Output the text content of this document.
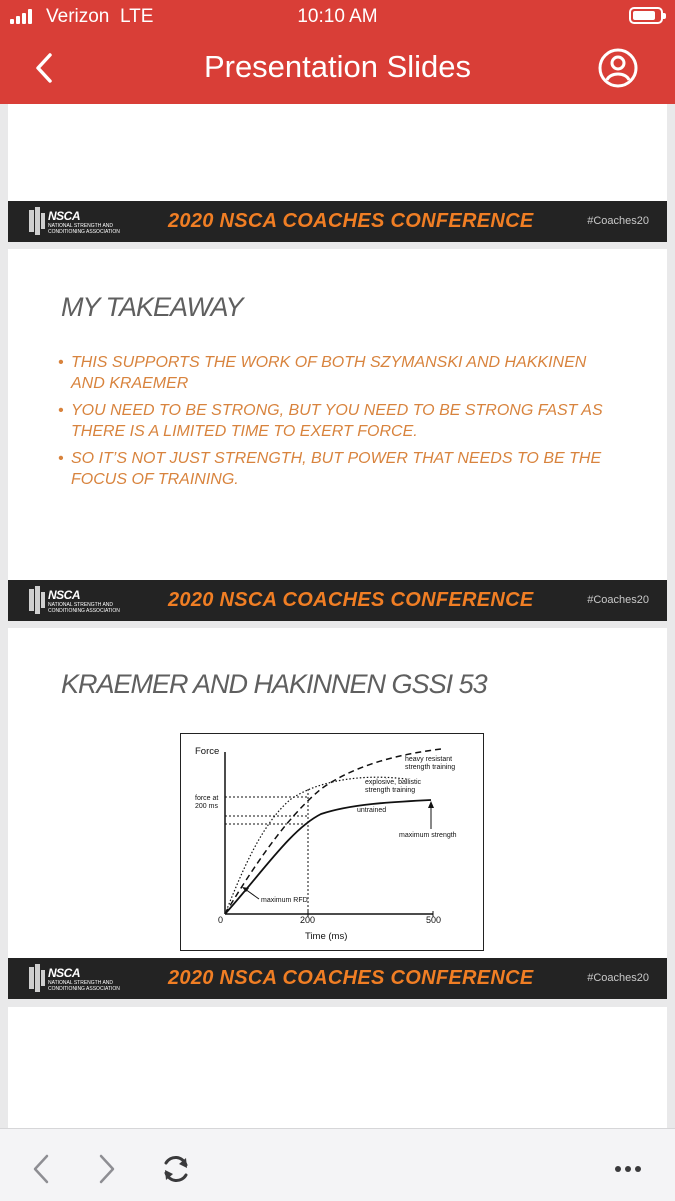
Verizon LTE	10:10 AM
Presentation Slides
NSCA
NATIONAL STRENGTH AND
CONDITIONING ASSOCIATION 2020 NSCA COACHES CONFERENCE	#Coaches20
MY TAKEAWAY
• THIS SUPPORTS THE WORK OF BOTH SZYMANSKI AND HAKKINEN AND KRAEMER
• YOU NEED TO BE STRONG, BUT YOU NEED TO BE STRONG FAST AS THERE IS A LIMITED TIME TO EXERT FORCE.
• SO IT’S NOT JUST STRENGTH, BUT POWER THAT NEEDS TO BE THE FOCUS OF TRAINING.
NSCA
NATIONAL STRENGTH AND
CONDITIONING ASSOCIATION 2020 NSCA COACHES CONFERENCE	#Coaches20
KRAEMER AND HAKINNEN GSSI 53
Force
force at
200 ms
heavy resistant
strength training
explosive, ballistic
strength training
untrained
maximum strength
maximum RFD
0	200	500
Time (ms)
NSCA
NATIONAL STRENGTH AND
CONDITIONING ASSOCIATION 2020 NSCA COACHES CONFERENCE	#Coaches20
